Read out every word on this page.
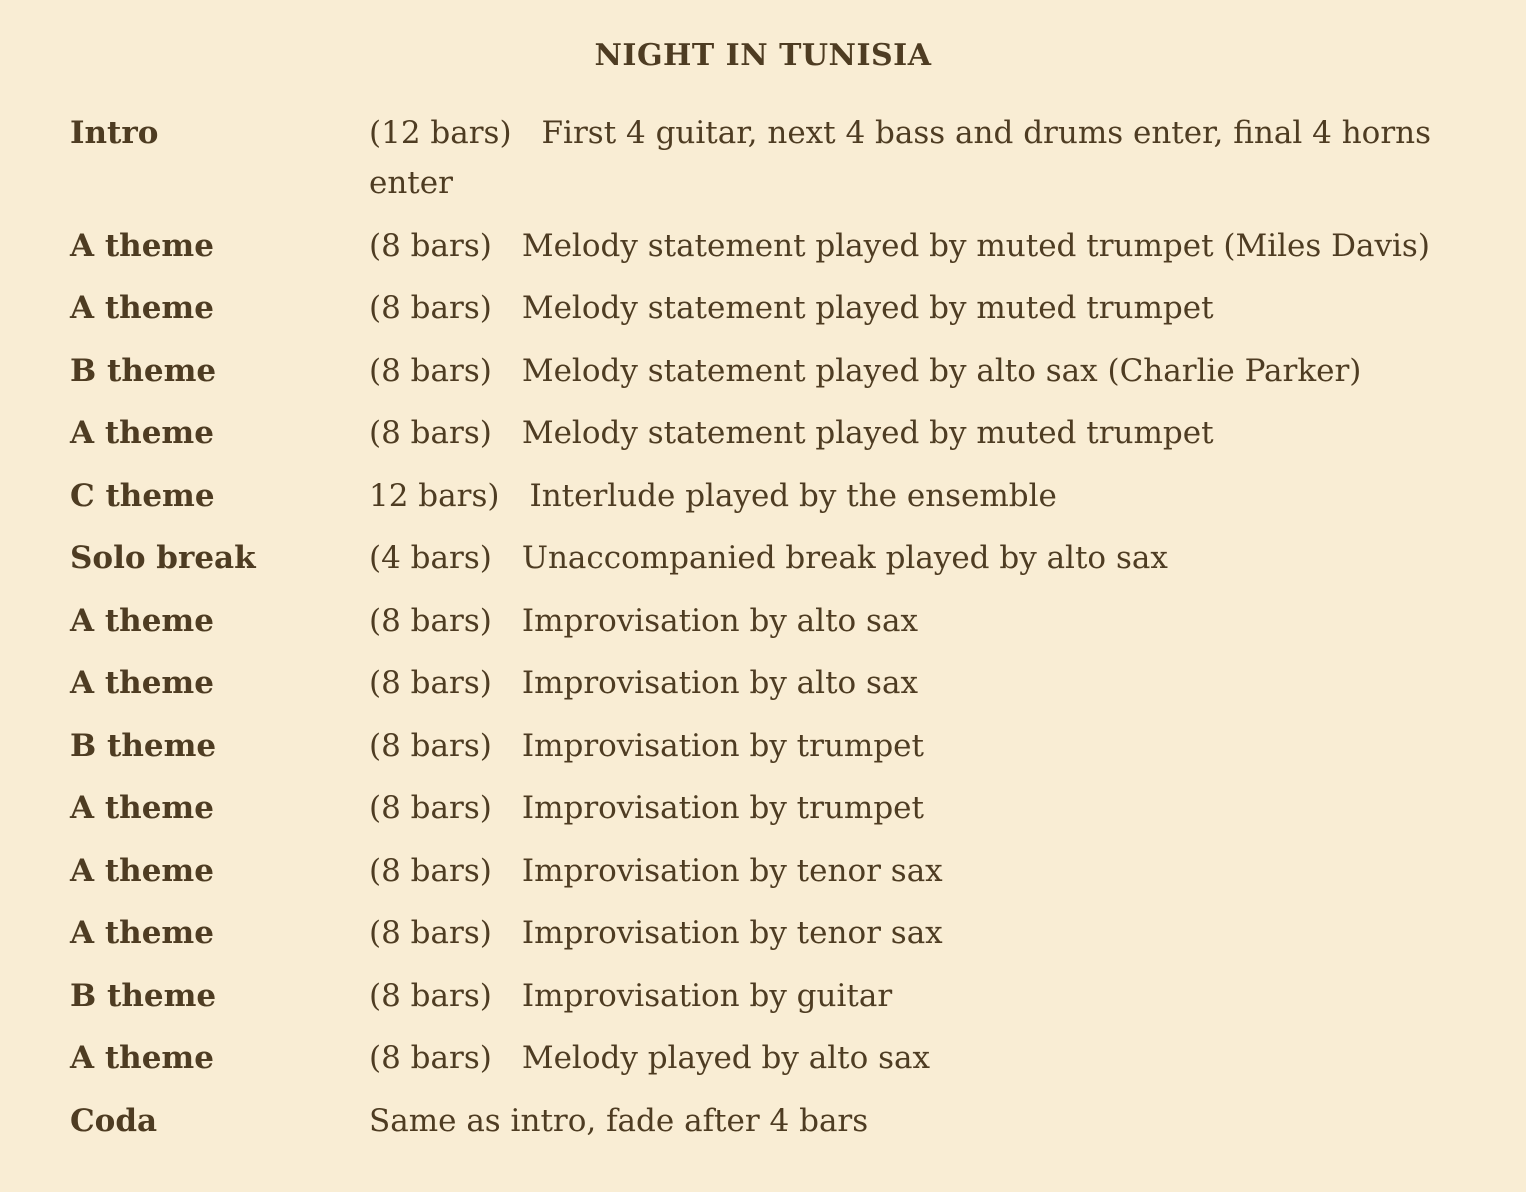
NIGHT IN TUNISIA
Intro	(12 bars) First 4 guitar, next 4 bass and drums enter, final 4 horns enter
A theme	(8 bars) Melody statement played by muted trumpet (Miles Davis)
A theme	(8 bars) Melody statement played by muted trumpet
B theme	(8 bars) Melody statement played by alto sax (Charlie Parker)
A theme	(8 bars) Melody statement played by muted trumpet
C theme	12 bars) Interlude played by the ensemble
Solo break	(4 bars) Unaccompanied break played by alto sax
A theme	(8 bars) Improvisation by alto sax
A theme	(8 bars) Improvisation by alto sax
B theme	(8 bars) Improvisation by trumpet
A theme	(8 bars) Improvisation by trumpet
A theme	(8 bars) Improvisation by tenor sax
A theme	(8 bars) Improvisation by tenor sax
B theme	(8 bars) Improvisation by guitar
A theme	(8 bars) Melody played by alto sax
Coda	Same as intro, fade after 4 bars
